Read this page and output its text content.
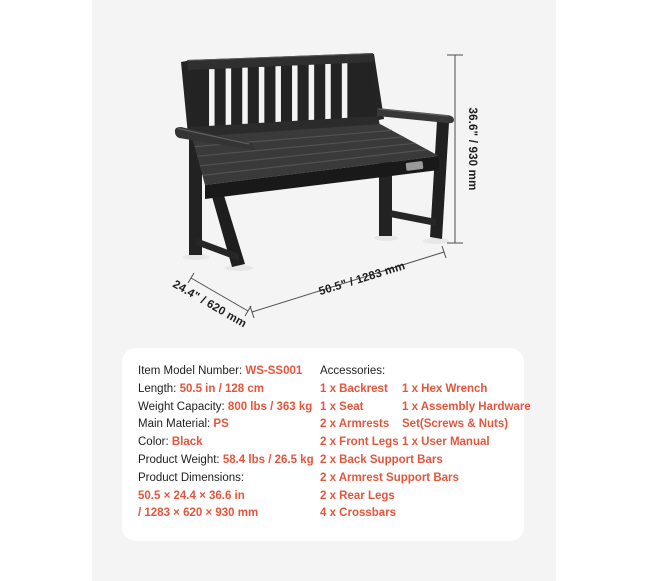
36.6" / 930 mm
24.4" / 620 mm	50.5" / 1283 mm
Item Model Number: WS-SS001
Length: 50.5 in / 128 cm
Weight Capacity: 800 lbs / 363 kg
Main Material: PS
Color: Black
Product Weight: 58.4 lbs / 26.5 kg
Product Dimensions:
50.5 × 24.4 × 36.6 in
/ 1283 × 620 × 930 mm
Accessories:
1 x Backrest
1 x Seat
2 x Armrests
2 x Front Legs
2 x Back Support Bars
2 x Armrest Support Bars
2 x Rear Legs
4 x Crossbars
1 x Hex Wrench
1 x Assembly Hardware
Set(Screws & Nuts)
1 x User Manual
